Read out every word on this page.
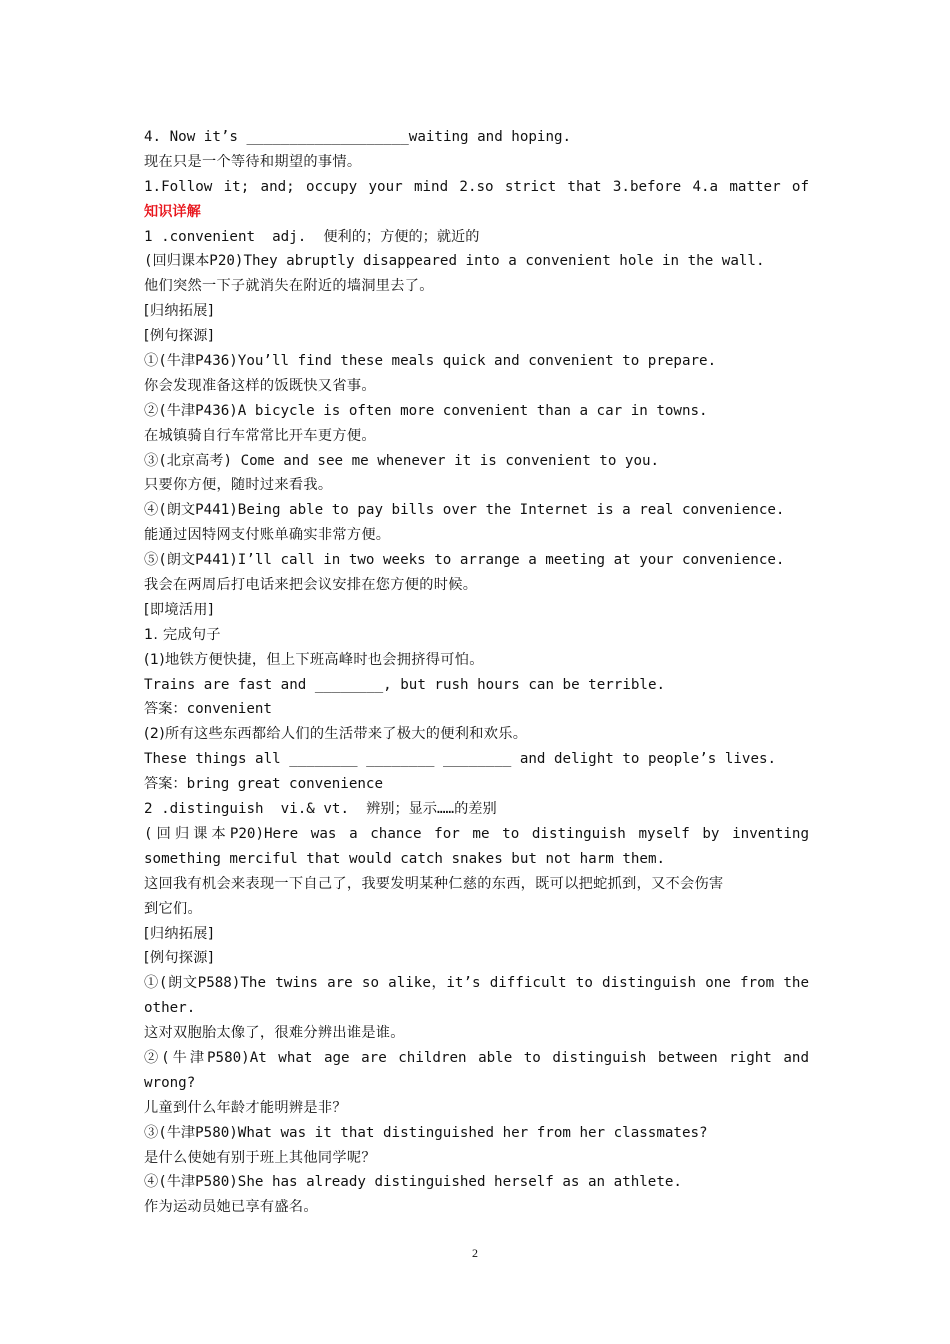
4. Now it’s ___________________waiting and hoping.
现在只是一个等待和期望的事情。
1.Follow it; and; occupy your mind 2.so strict that 3.before 4.a matter of
知识详解
1 .convenient  adj.  便利的；方便的；就近的
(回归课本P20)They abruptly disappeared into a convenient hole in the wall.
他们突然一下子就消失在附近的墙洞里去了。
[归纳拓展]
[例句探源]
①(牛津P436)You’ll find these meals quick and convenient to prepare.
你会发现准备这样的饭既快又省事。
②(牛津P436)A bicycle is often more convenient than a car in towns.
在城镇骑自行车常常比开车更方便。
③(北京高考) Come and see me whenever it is convenient to you.
只要你方便，随时过来看我。
④(朗文P441)Being able to pay bills over the Internet is a real convenience.
能通过因特网支付账单确实非常方便。
⑤(朗文P441)I’ll call in two weeks to arrange a meeting at your convenience.
我会在两周后打电话来把会议安排在您方便的时候。
[即境活用]
1. 完成句子
(1)地铁方便快捷，但上下班高峰时也会拥挤得可怕。
Trains are fast and ________, but rush hours can be terrible.
答案：convenient
(2)所有这些东西都给人们的生活带来了极大的便利和欢乐。
These things all ________ ________ ________ and delight to people’s lives.
答案：bring great convenience
2 .distinguish  vi.& vt.  辨别；显示……的差别
(回归课本P20)Here was a chance for me to distinguish myself by inventing
something merciful that would catch snakes but not harm them.
这回我有机会来表现一下自己了，我要发明某种仁慈的东西，既可以把蛇抓到，又不会伤害
到它们。
[归纳拓展]
[例句探源]
①(朗文P588)The twins are so alike，it’s difficult to distinguish one from the
other.
这对双胞胎太像了，很难分辨出谁是谁。
②(牛津P580)At what age are children able to distinguish between right and
wrong?
儿童到什么年龄才能明辨是非？
③(牛津P580)What was it that distinguished her from her classmates?
是什么使她有别于班上其他同学呢？
④(牛津P580)She has already distinguished herself as an athlete.
作为运动员她已享有盛名。
2
